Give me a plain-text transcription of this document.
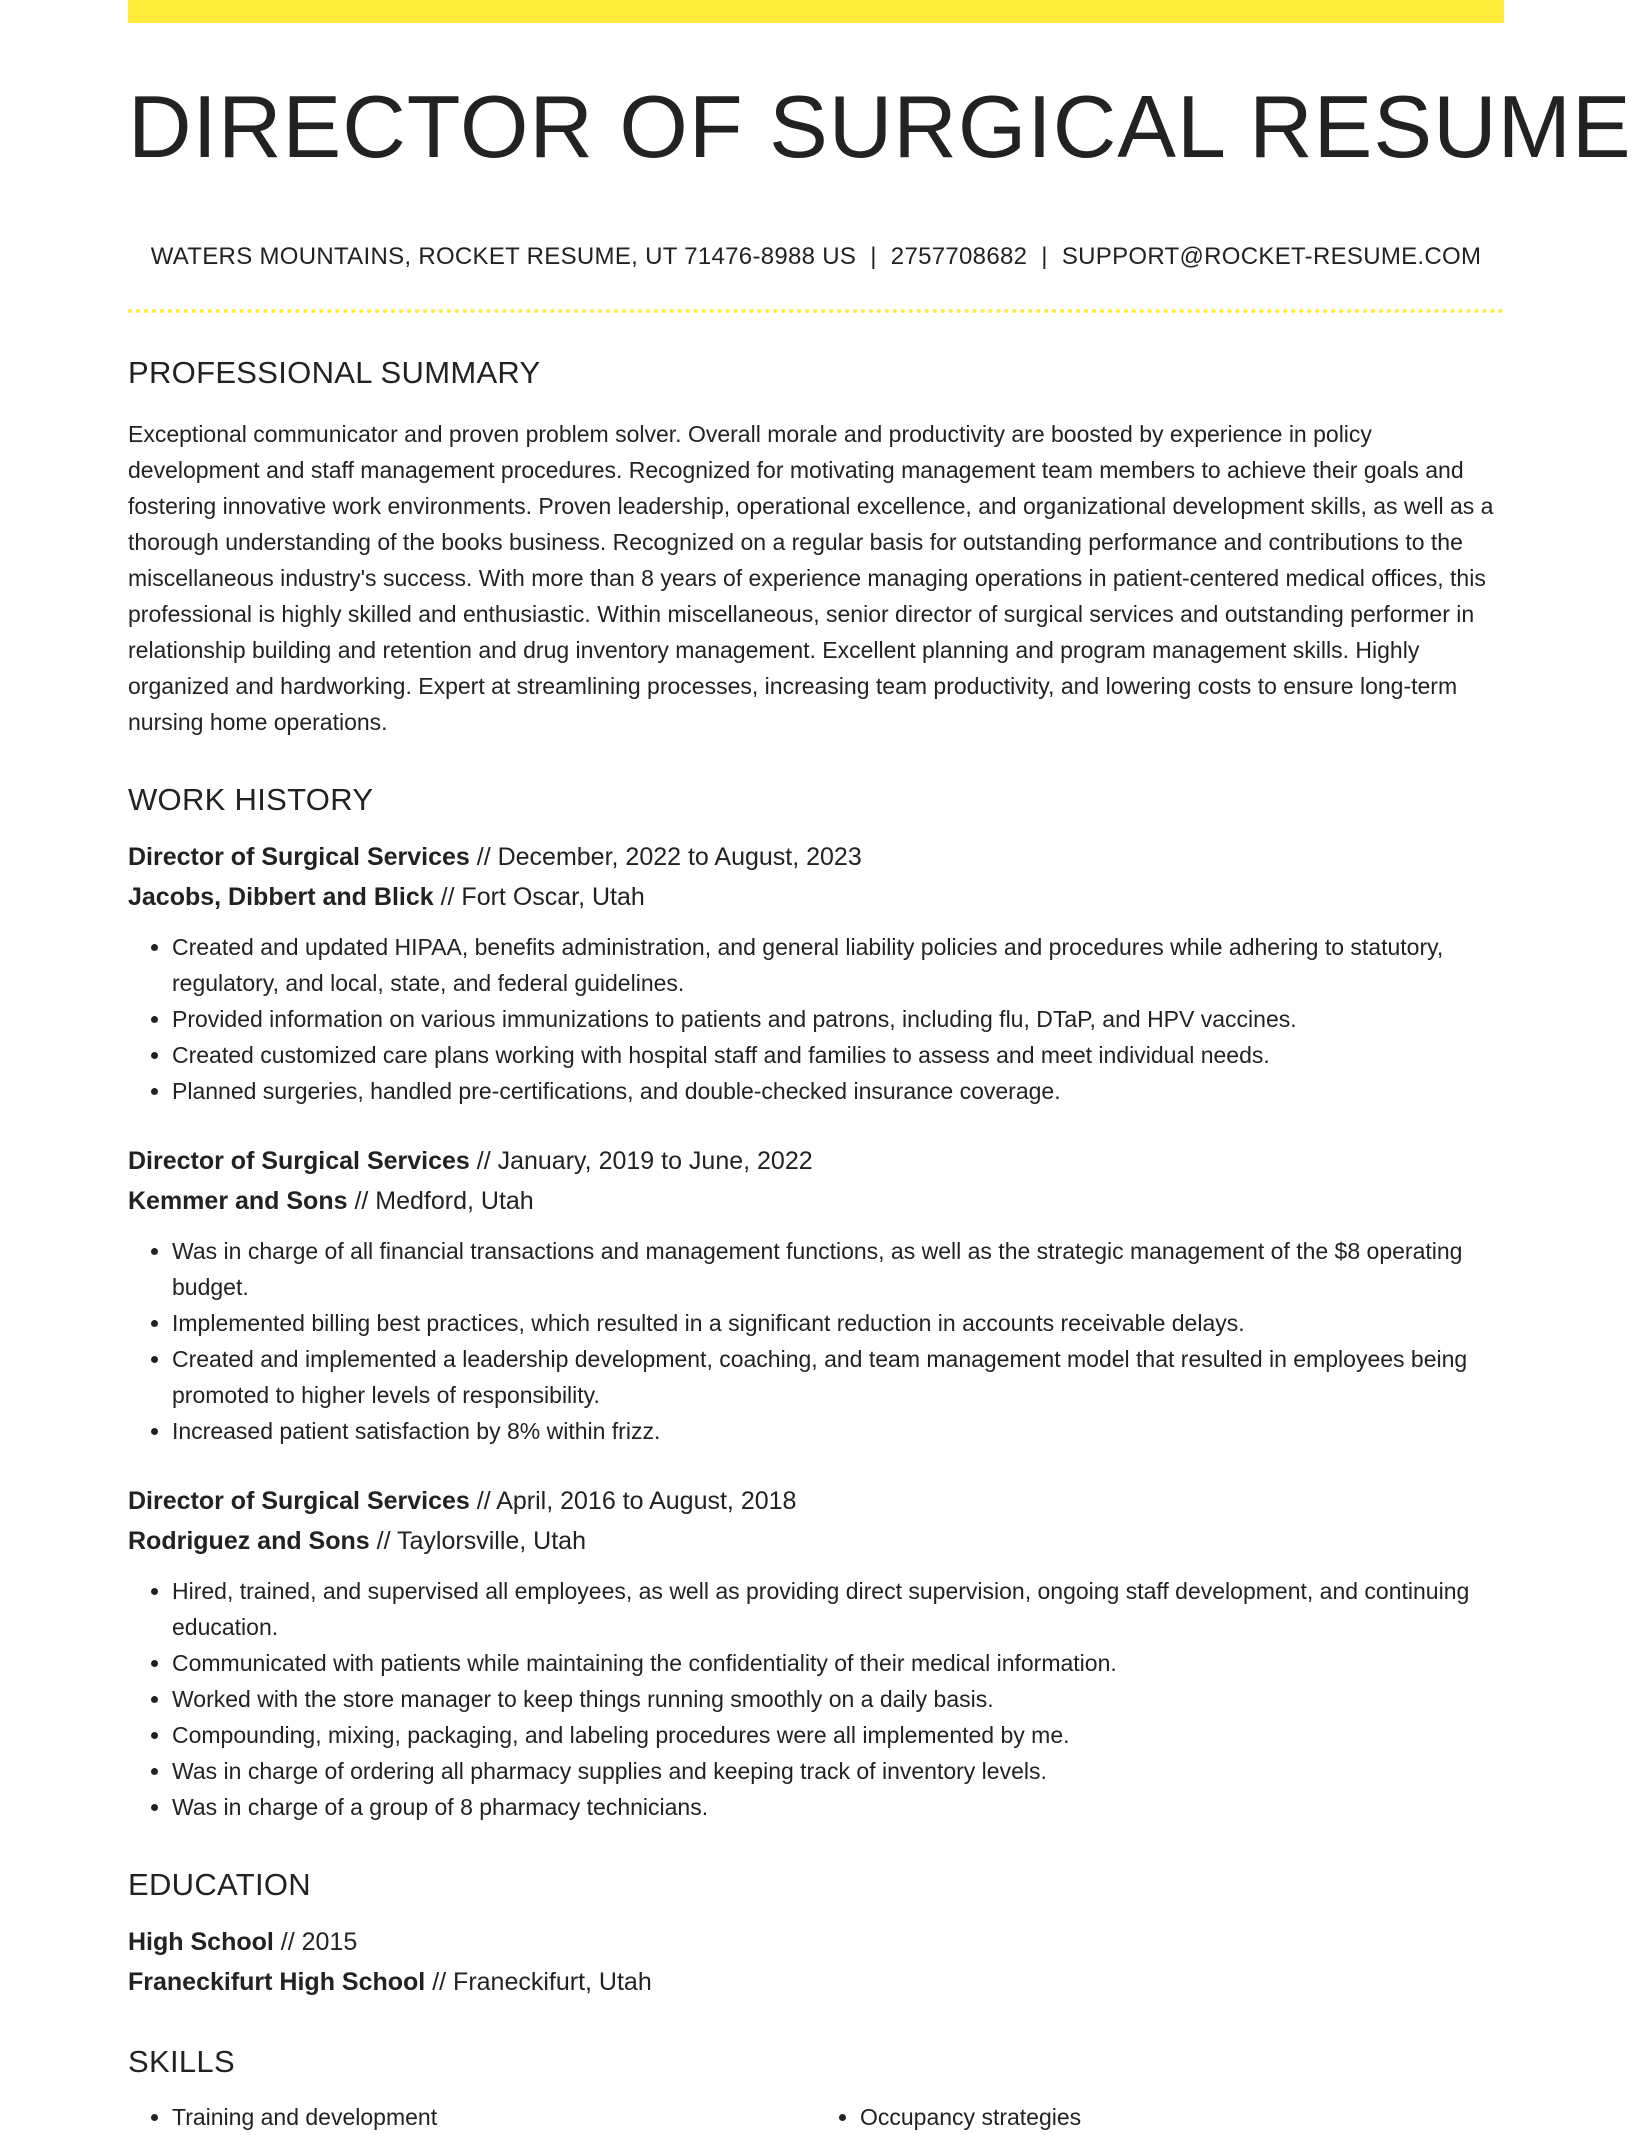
DIRECTOR OF SURGICAL RESUME
WATERS MOUNTAINS, ROCKET RESUME, UT 71476-8988 US | 2757708682 | SUPPORT@ROCKET-RESUME.COM
PROFESSIONAL SUMMARY
Exceptional communicator and proven problem solver. Overall morale and productivity are boosted by experience in policy development and staff management procedures. Recognized for motivating management team members to achieve their goals and fostering innovative work environments. Proven leadership, operational excellence, and organizational development skills, as well as a thorough understanding of the books business. Recognized on a regular basis for outstanding performance and contributions to the miscellaneous industry's success. With more than 8 years of experience managing operations in patient-centered medical offices, this professional is highly skilled and enthusiastic. Within miscellaneous, senior director of surgical services and outstanding performer in relationship building and retention and drug inventory management. Excellent planning and program management skills. Highly organized and hardworking. Expert at streamlining processes, increasing team productivity, and lowering costs to ensure long-term nursing home operations.
WORK HISTORY
Director of Surgical Services // December, 2022 to August, 2023
Jacobs, Dibbert and Blick // Fort Oscar, Utah
• Created and updated HIPAA, benefits administration, and general liability policies and procedures while adhering to statutory, regulatory, and local, state, and federal guidelines.
• Provided information on various immunizations to patients and patrons, including flu, DTaP, and HPV vaccines.
• Created customized care plans working with hospital staff and families to assess and meet individual needs.
• Planned surgeries, handled pre-certifications, and double-checked insurance coverage.
Director of Surgical Services // January, 2019 to June, 2022
Kemmer and Sons // Medford, Utah
• Was in charge of all financial transactions and management functions, as well as the strategic management of the $8 operating budget.
• Implemented billing best practices, which resulted in a significant reduction in accounts receivable delays.
• Created and implemented a leadership development, coaching, and team management model that resulted in employees being promoted to higher levels of responsibility.
• Increased patient satisfaction by 8% within frizz.
Director of Surgical Services // April, 2016 to August, 2018
Rodriguez and Sons // Taylorsville, Utah
• Hired, trained, and supervised all employees, as well as providing direct supervision, ongoing staff development, and continuing education.
• Communicated with patients while maintaining the confidentiality of their medical information.
• Worked with the store manager to keep things running smoothly on a daily basis.
• Compounding, mixing, packaging, and labeling procedures were all implemented by me.
• Was in charge of ordering all pharmacy supplies and keeping track of inventory levels.
• Was in charge of a group of 8 pharmacy technicians.
EDUCATION
High School // 2015
Franeckifurt High School // Franeckifurt, Utah
SKILLS
• Training and development
•	Occupancy strategies
